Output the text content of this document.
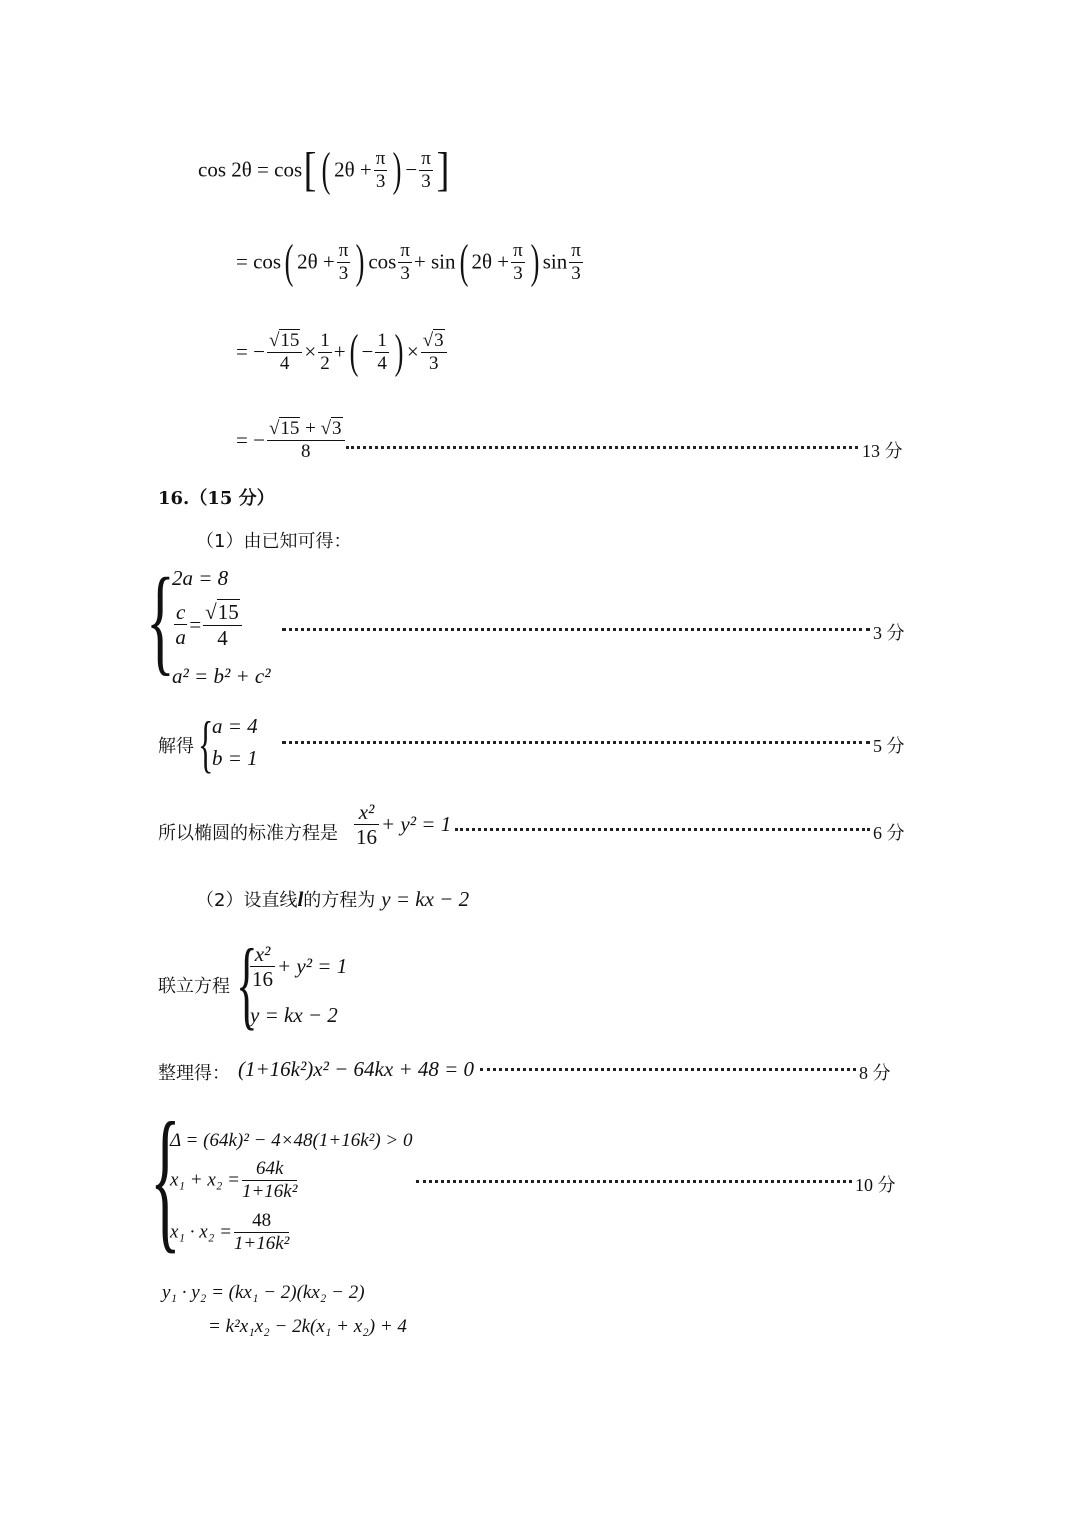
cos 2θ = cos[ ( $2\theta + \frac{\pi}{3}$ ) − $\frac{\pi}{3}$ ]
= cos( $2\theta + \frac{\pi}{3}$ ) $\cos \frac{\pi}{3} + \sin$( $2\theta + \frac{\pi}{3}$ ) $\sin \frac{\pi}{3}$
= − $\frac{√15}{4} \times \frac{1}{2}$ +( − $\frac{1}{4}$ ) × $\frac{√3}{3}$
= − $\frac{√15 + √3}{8}$	13 分
16.（15 分）
（1）由已知可得：
{
2a = 8
$\frac{c}{a}= \frac{√15}{4}$
a² = b² + c²
3 分
解得 {
a = 4
b = 1	5 分
所以椭圆的标准方程是 $\frac{\text{x²}}{16} + y^2 = 1$	6 分
（2）设直线l的方程为 y = kx − 2
联立方程 {
$\frac{\text{x²}}{16} + y^2 = 1$
y = kx − 2
整理得： (1+16k²)x² − 64kx + 48 = 0	8 分
{
Δ = (64k)² − 4×48(1+16k²) > 0
$x_1 + x_2 = \frac{64k}{\text{1+16k²}}$
$x_1 \cdot x_2 = \frac{48}{\text{1+16k²}}$
10 分
y₁ · y₂ = (kx₁ − 2)(kx₂ − 2)
= k²x₁x₂ − 2k(x₁ + x₂) + 4
